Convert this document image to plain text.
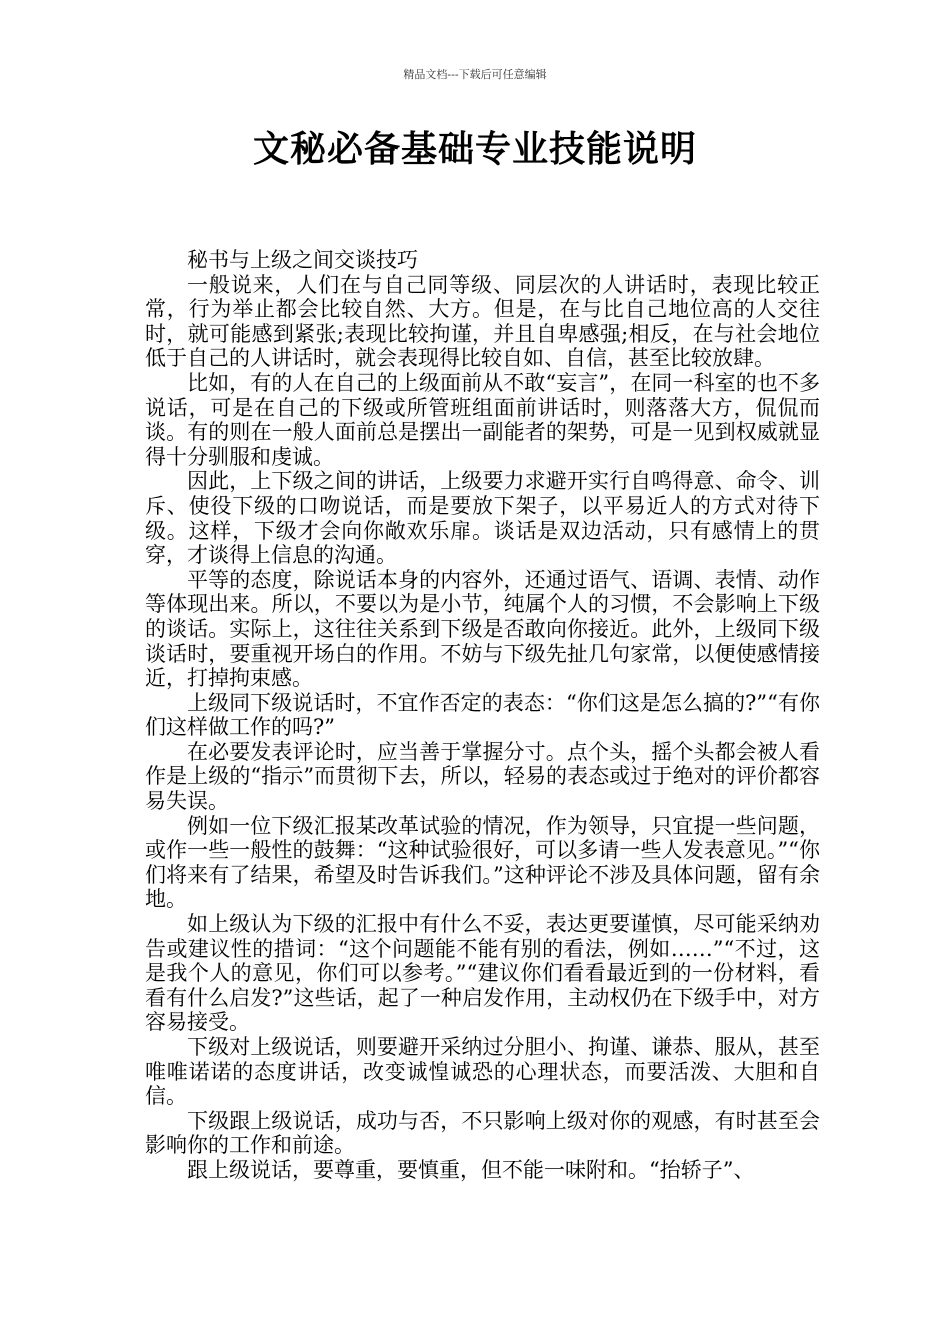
精品文档---下载后可任意编辑
文秘必备基础专业技能说明

秘书与上级之间交谈技巧

一般说来，人们在与自己同等级、同层次的人讲话时，表现比较正常，行为举止都会比较自然、大方。但是，在与比自己地位高的人交往时，就可能感到紧张;表现比较拘谨，并且自卑感强;相反，在与社会地位低于自己的人讲话时，就会表现得比较自如、自信，甚至比较放肆。

比如，有的人在自己的上级面前从不敢“妄言”，在同一科室的也不多说话，可是在自己的下级或所管班组面前讲话时，则落落大方，侃侃而谈。有的则在一般人面前总是摆出一副能者的架势，可是一见到权威就显得十分驯服和虔诚。

因此，上下级之间的讲话，上级要力求避开实行自鸣得意、命令、训斥、使役下级的口吻说话，而是要放下架子，以平易近人的方式对待下级。这样，下级才会向你敞欢乐扉。谈话是双边活动，只有感情上的贯穿，才谈得上信息的沟通。

平等的态度，除说话本身的内容外，还通过语气、语调、表情、动作等体现出来。所以，不要以为是小节，纯属个人的习惯，不会影响上下级的谈话。实际上，这往往关系到下级是否敢向你接近。此外，上级同下级谈话时，要重视开场白的作用。不妨与下级先扯几句家常，以便使感情接近，打掉拘束感。

上级同下级说话时，不宜作否定的表态：“你们这是怎么搞的?”“有你们这样做工作的吗?”

在必要发表评论时，应当善于掌握分寸。点个头，摇个头都会被人看作是上级的“指示”而贯彻下去，所以，轻易的表态或过于绝对的评价都容易失误。

例如一位下级汇报某改革试验的情况，作为领导，只宜提一些问题，或作一些一般性的鼓舞：“这种试验很好，可以多请一些人发表意见。”“你们将来有了结果，希望及时告诉我们。”这种评论不涉及具体问题，留有余地。

如上级认为下级的汇报中有什么不妥，表达更要谨慎，尽可能采纳劝告或建议性的措词：“这个问题能不能有别的看法，例如……”“不过，这是我个人的意见，你们可以参考。”“建议你们看看最近到的一份材料，看看有什么启发?”这些话，起了一种启发作用，主动权仍在下级手中，对方容易接受。

下级对上级说话，则要避开采纳过分胆小、拘谨、谦恭、服从，甚至唯唯诺诺的态度讲话，改变诚惶诚恐的心理状态，而要活泼、大胆和自信。

下级跟上级说话，成功与否，不只影响上级对你的观感，有时甚至会影响你的工作和前途。

跟上级说话，要尊重，要慎重，但不能一味附和。“抬轿子”、
